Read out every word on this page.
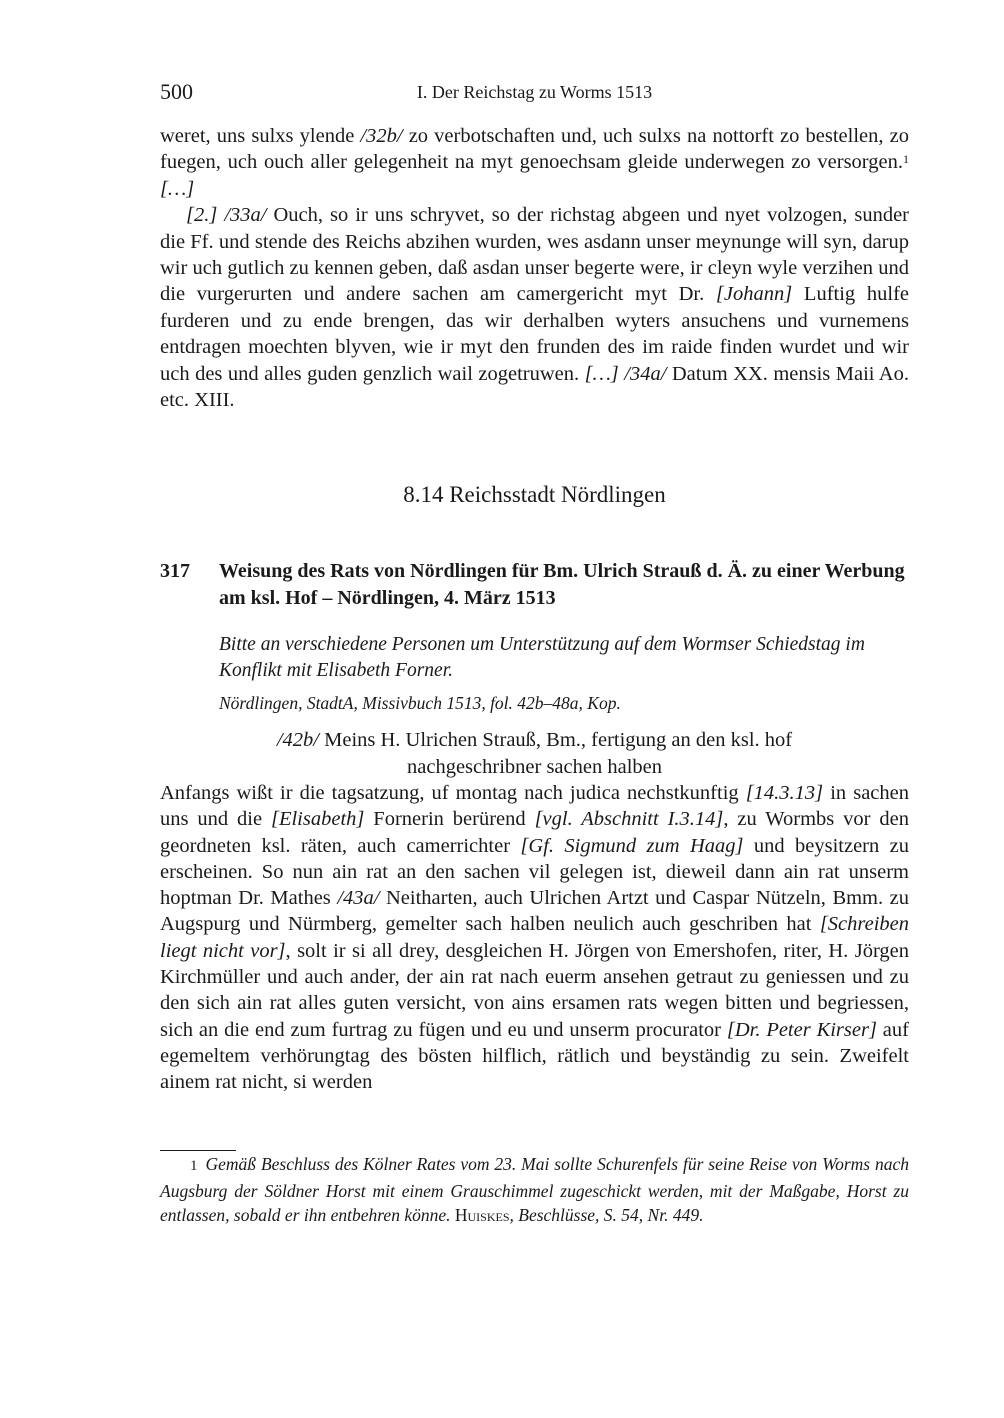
500	I. Der Reichstag zu Worms 1513

weret, uns sulxs ylende /32b/ zo verbotschaften und, uch sulxs na nottorft zo bestellen, zo fuegen, uch ouch aller gelegenheit na myt genoechsam gleide underwegen zo versorgen.$^1$ […]

[2.] /33a/ Ouch, so ir uns schryvet, so der richstag abgeen und nyet volzogen, sunder die Ff. und stende des Reichs abzihen wurden, wes asdann unser meynunge will syn, darup wir uch gutlich zu kennen geben, daß asdan unser begerte were, ir cleyn wyle verzihen und die vurgerurten und andere sachen am camergericht myt Dr. [Johann] Luftig hulfe furderen und zu ende brengen, das wir derhalben wyters ansuchens und vurnemens entdragen moechten blyven, wie ir myt den frunden des im raide finden wurdet und wir uch des und alles guden genzlich wail zogetruwen. […] /34a/ Datum XX. mensis Maii Ao. etc. XIII.

8.14 Reichsstadt Nördlingen
317 Weisung des Rats von Nördlingen für Bm. Ulrich Strauß d. Ä. zu einer Werbung am ksl. Hof – Nördlingen, 4. März 1513

Bitte an verschiedene Personen um Unterstützung auf dem Wormser Schiedstag im Konflikt mit Elisabeth Forner.

Nördlingen, StadtA, Missivbuch 1513, fol. 42b–48a, Kop.

/42b/ Meins H. Ulrichen Strauß, Bm., fertigung an den ksl. hof
nachgeschribner sachen halben

Anfangs wißt ir die tagsatzung, uf montag nach judica nechstkunftig [14.3.13] in sachen uns und die [Elisabeth] Fornerin berürend [vgl. Abschnitt I.3.14], zu Wormbs vor den geordneten ksl. räten, auch camerrichter [Gf. Sigmund zum Haag] und beysitzern zu erscheinen. So nun ain rat an den sachen vil gelegen ist, dieweil dann ain rat unserm hoptman Dr. Mathes /43a/ Neitharten, auch Ulrichen Artzt und Caspar Nützeln, Bmm. zu Augspurg und Nürmberg, gemelter sach halben neulich auch geschriben hat [Schreiben liegt nicht vor], solt ir si all drey, desgleichen H. Jörgen von Emershofen, riter, H. Jörgen Kirchmüller und auch ander, der ain rat nach euerm ansehen getraut zu geniessen und zu den sich ain rat alles guten versicht, von ains ersamen rats wegen bitten und begriessen, sich an die end zum furtrag zu fügen und eu und unserm procurator [Dr. Peter Kirser] auf egemeltem verhörungtag des bösten hilflich, rätlich und beyständig zu sein. Zweifelt ainem rat nicht, si werden

1 Gemäß Beschluss des Kölner Rates vom 23. Mai sollte Schurenfels für seine Reise von Worms nach Augsburg der Söldner Horst mit einem Grauschimmel zugeschickt werden, mit der Maßgabe, Horst zu entlassen, sobald er ihn entbehren könne. Huiskes, Beschlüsse, S. 54, Nr. 449.
